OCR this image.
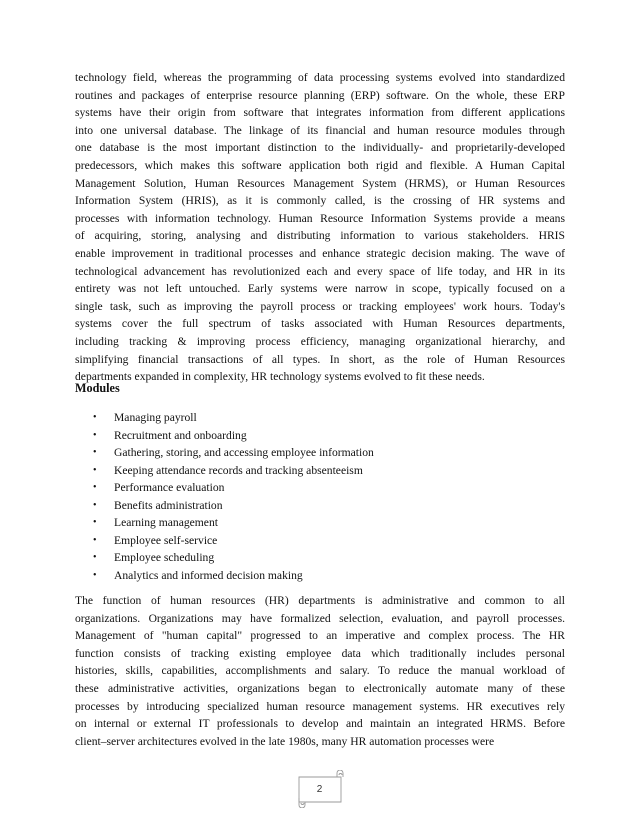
technology field, whereas the programming of data processing systems evolved into standardized
routines and packages of enterprise resource planning (ERP) software. On the whole, these ERP
systems have their origin from software that integrates information from different applications
into one universal database. The linkage of its financial and human resource modules through
one database is the most important distinction to the individually- and proprietarily-developed
predecessors, which makes this software application both rigid and flexible. A Human Capital
Management Solution, Human Resources Management System (HRMS), or Human Resources
Information System (HRIS), as it is commonly called, is the crossing of HR systems and
processes with information technology. Human Resource Information Systems provide a means
of acquiring, storing, analysing and distributing information to various stakeholders. HRIS
enable improvement in traditional processes and enhance strategic decision making. The wave of
technological advancement has revolutionized each and every space of life today, and HR in its
entirety was not left untouched. Early systems were narrow in scope, typically focused on a
single task, such as improving the payroll process or tracking employees' work hours. Today's
systems cover the full spectrum of tasks associated with Human Resources departments,
including tracking & improving process efficiency, managing organizational hierarchy, and
simplifying financial transactions of all types. In short, as the role of Human Resources
departments expanded in complexity, HR technology systems evolved to fit these needs.
Modules
• Managing payroll
• Recruitment and onboarding
• Gathering, storing, and accessing employee information
• Keeping attendance records and tracking absenteeism
• Performance evaluation
• Benefits administration
• Learning management
• Employee self-service
• Employee scheduling
• Analytics and informed decision making
The function of human resources (HR) departments is administrative and common to all
organizations. Organizations may have formalized selection, evaluation, and payroll processes.
Management of "human capital" progressed to an imperative and complex process. The HR
function consists of tracking existing employee data which traditionally includes personal
histories, skills, capabilities, accomplishments and salary. To reduce the manual workload of
these administrative activities, organizations began to electronically automate many of these
processes by introducing specialized human resource management systems. HR executives rely
on internal or external IT professionals to develop and maintain an integrated HRMS. Before
client–server architectures evolved in the late 1980s, many HR automation processes were
2
